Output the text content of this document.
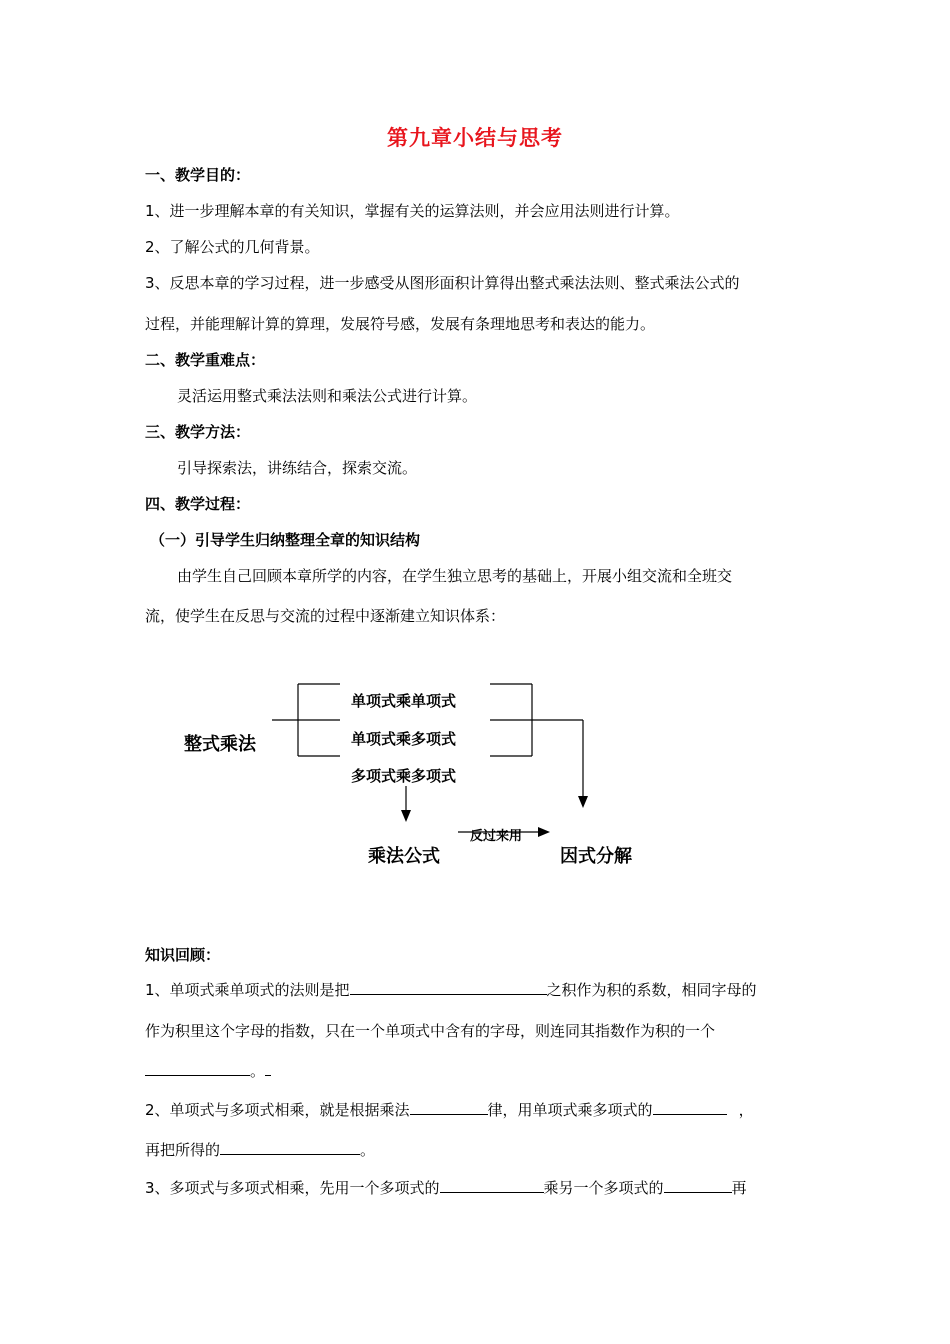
第九章小结与思考
一、教学目的：
1、进一步理解本章的有关知识，掌握有关的运算法则，并会应用法则进行计算。
2、了解公式的几何背景。
3、反思本章的学习过程，进一步感受从图形面积计算得出整式乘法法则、整式乘法公式的
过程，并能理解计算的算理，发展符号感，发展有条理地思考和表达的能力。
二、教学重难点：
灵活运用整式乘法法则和乘法公式进行计算。
三、教学方法：
引导探索法，讲练结合，探索交流。
四、教学过程：
（一）引导学生归纳整理全章的知识结构
由学生自己回顾本章所学的内容，在学生独立思考的基础上，开展小组交流和全班交
流，使学生在反思与交流的过程中逐渐建立知识体系：
整式乘法
单项式乘单项式
单项式乘多项式
多项式乘多项式
乘法公式
反过来用
因式分解
知识回顾：
1、单项式乘单项式的法则是把	之积作为积的系数，相同字母的
作为积里这个字母的指数，只在一个单项式中含有的字母，则连同其指数作为积的一个
。
2、单项式与多项式相乘，就是根据乘法	律，用单项式乘多项式的	，
再把所得的	。
3、多项式与多项式相乘，先用一个多项式的	乘另一个多项式的	再
